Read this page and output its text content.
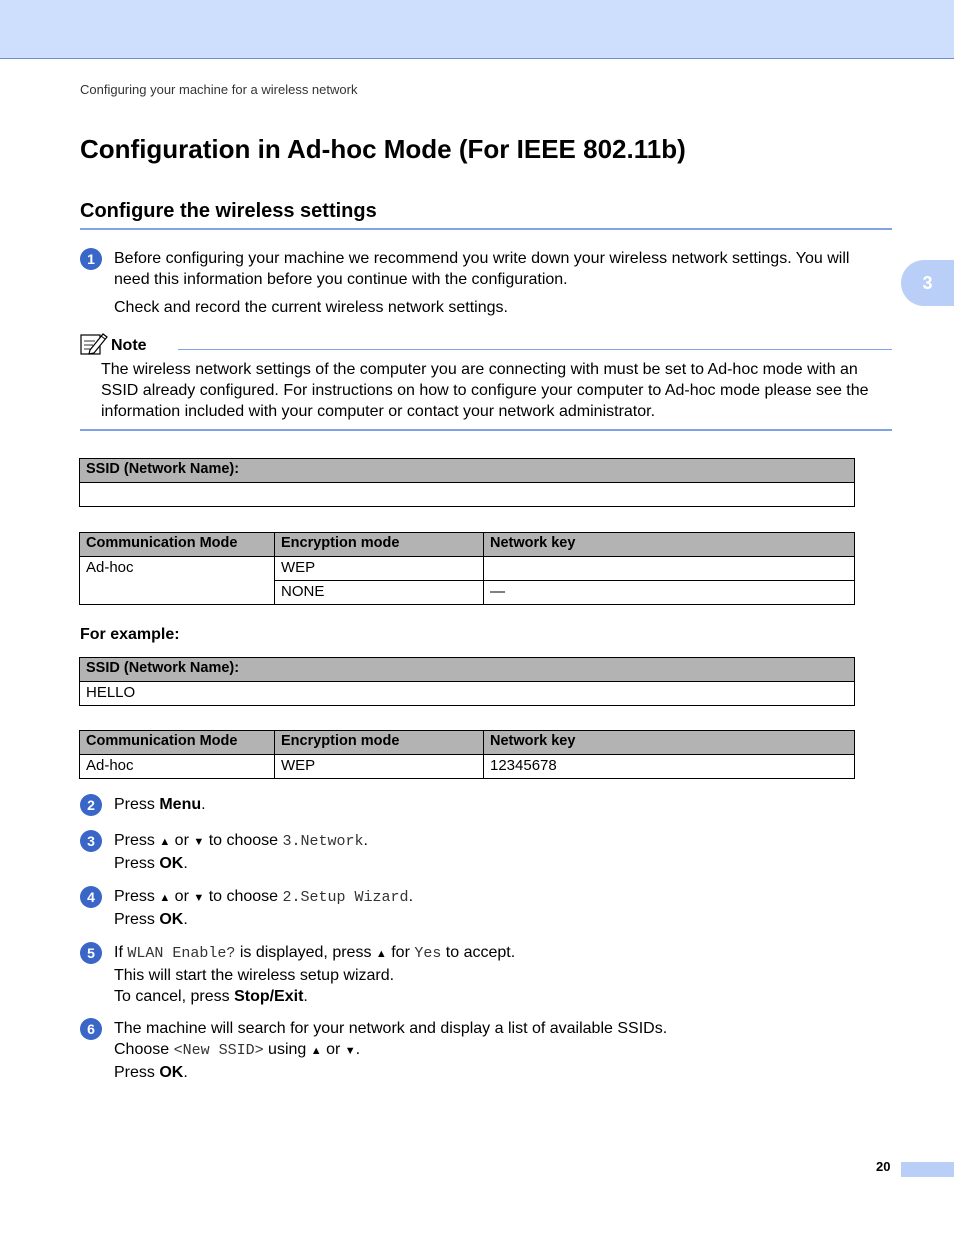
Configuring your machine for a wireless network
3
Configuration in Ad-hoc Mode (For IEEE 802.11b)
Configure the wireless settings
1	Before configuring your machine we recommend you write down your wireless network settings. You will need this information before you continue with the configuration.

Check and record the current wireless network settings.

Note
The wireless network settings of the computer you are connecting with must be set to Ad-hoc mode with an SSID already configured. For instructions on how to configure your computer to Ad-hoc mode please see the information included with your computer or contact your network administrator.
SSID (Network Name):

Communication Mode	Encryption mode	Network key
Ad-hoc	WEP	
	NONE	—
For example:
SSID (Network Name):
HELLO
Communication Mode	Encryption mode	Network key
Ad-hoc	WEP	12345678
2	Press Menu.

3	Press ▲ or ▼ to choose 3.Network.

Press OK.

4	Press ▲ or ▼ to choose 2.Setup Wizard.

Press OK.

5	If WLAN Enable? is displayed, press ▲ for Yes to accept.

This will start the wireless setup wizard.

To cancel, press Stop/Exit.

6	The machine will search for your network and display a list of available SSIDs.

Choose <New SSID> using ▲ or ▼.

Press OK.

20
